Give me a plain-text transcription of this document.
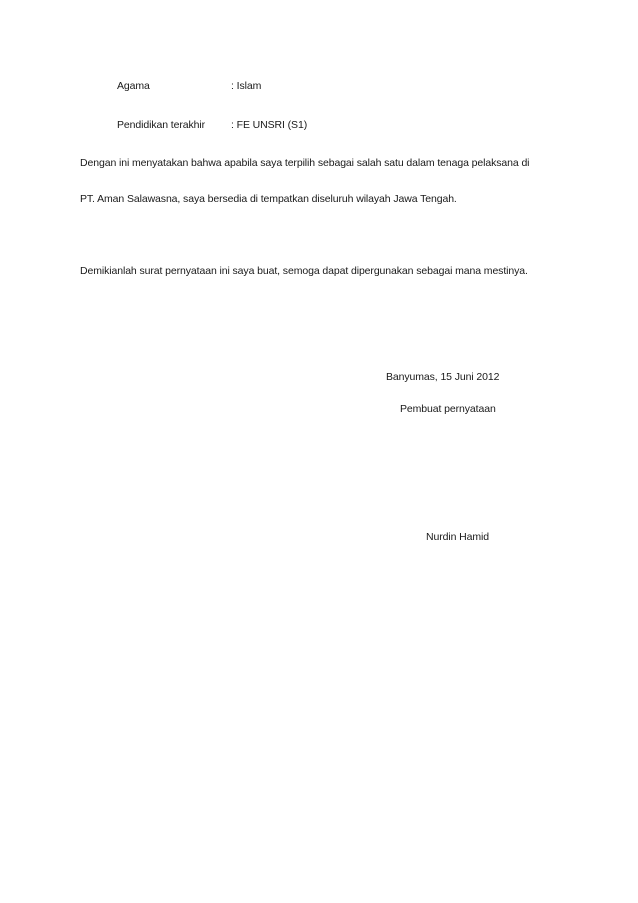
Agama	: Islam
Pendidikan terakhir : FE UNSRI (S1)
Dengan ini menyatakan bahwa apabila saya terpilih sebagai salah satu dalam tenaga pelaksana di
PT. Aman Salawasna, saya bersedia di tempatkan diseluruh wilayah Jawa Tengah.
Demikianlah surat pernyataan ini saya buat, semoga dapat dipergunakan sebagai mana mestinya.
Banyumas, 15 Juni 2012
Pembuat pernyataan
Nurdin Hamid
